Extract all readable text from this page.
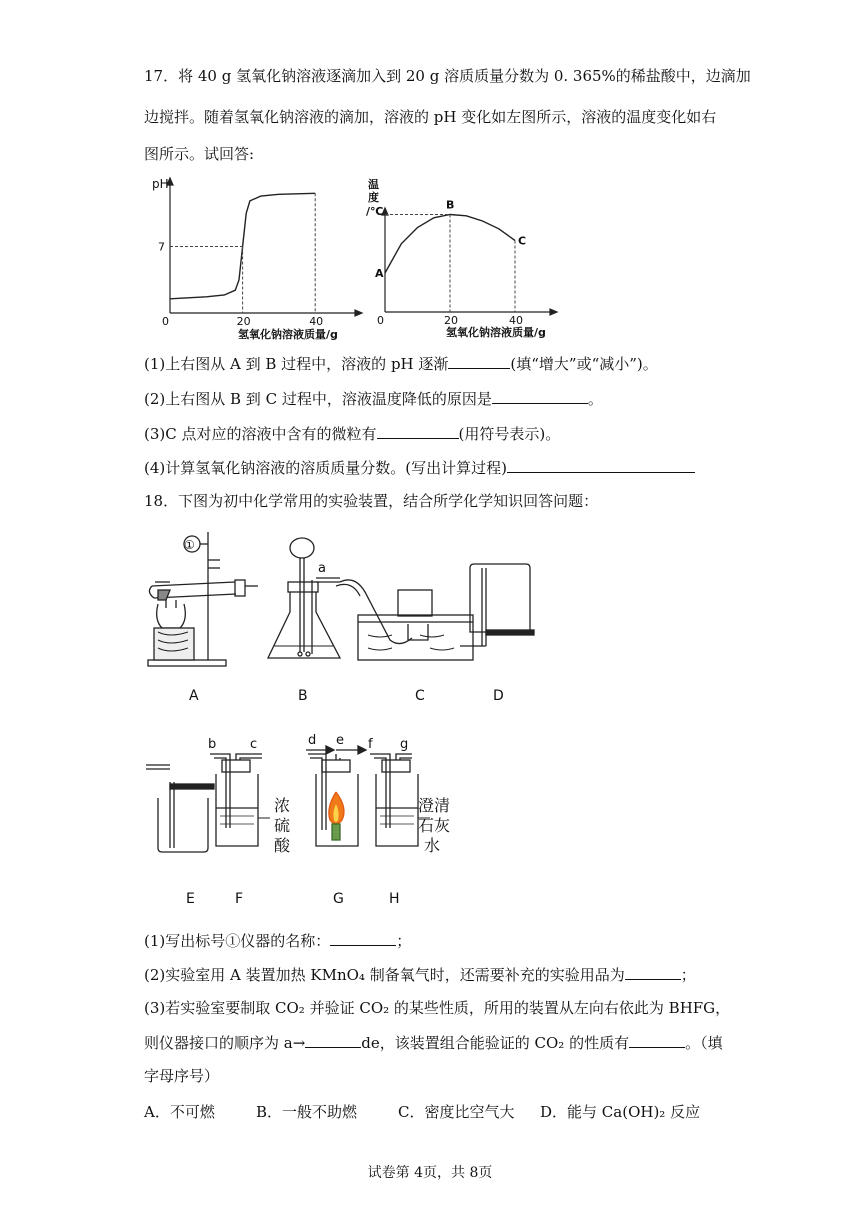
17．将 40 g 氢氧化钠溶液逐滴加入到 20 g 溶质质量分数为 0. 365%的稀盐酸中，边滴加
边搅拌。随着氢氧化钠溶液的滴加，溶液的 pH 变化如左图所示，溶液的温度变化如右
图所示。试回答:
pH
氢氧化钠溶液质量/g
0	20	40
7
温
度
/℃
氢氧化钠溶液质量/g
A
B
C
0	20	40
(1)上右图从 A 到 B 过程中，溶液的 pH 逐渐	(填“增大”或“减小”)。
(2)上右图从 B 到 C 过程中，溶液温度降低的原因是	。
(3)C 点对应的溶液中含有的微粒有	(用符号表示)。
(4)计算氢氧化钠溶液的溶质质量分数。(写出计算过程)
18．下图为初中化学常用的实验装置，结合所学化学知识回答问题：
①
a
A	B	C	D
b	c	d e f g
浓
硫
酸
澄清
石灰
水
E	F	G	H
(1)写出标号①仪器的名称：	；
(2)实验室用 A 装置加热 KMnO₄ 制备氧气时，还需要补充的实验用品为	；
(3)若实验室要制取 CO₂ 并验证 CO₂ 的某些性质，所用的装置从左向右依此为 BHFG，
则仪器接口的顺序为 a→	de，该装置组合能验证的 CO₂ 的性质有	。（填
字母序号）
A．不可燃	B．一般不助燃	C．密度比空气大 D．能与 Ca(OH)₂ 反应
试卷第 4页，共 8页
